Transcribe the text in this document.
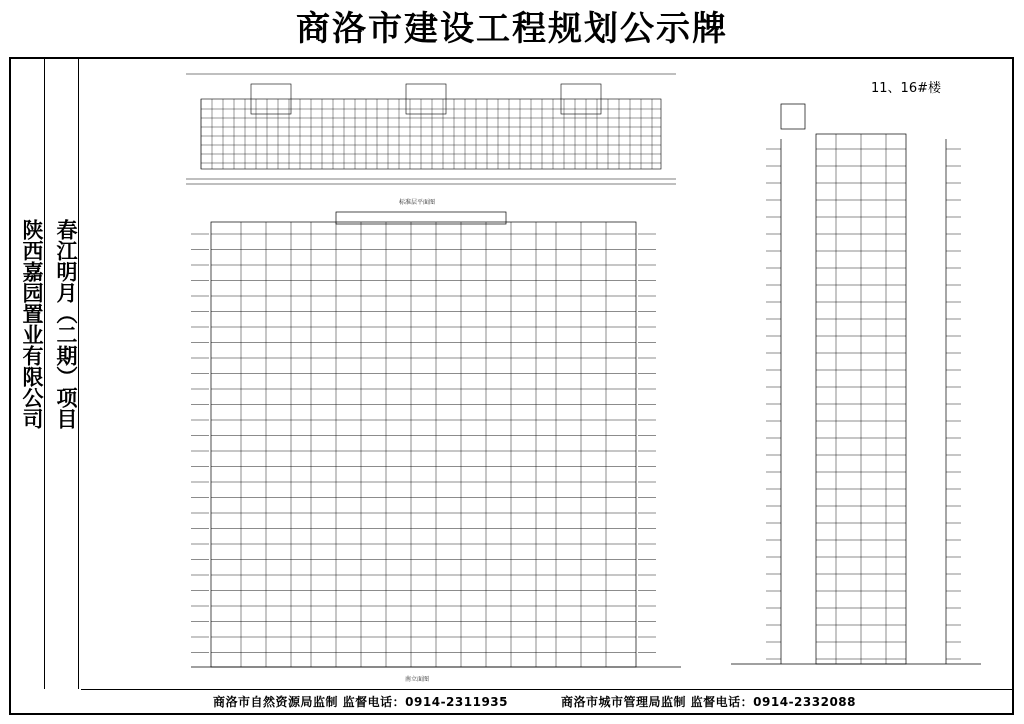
商洛市建设工程规划公示牌
陕西嘉园置业有限公司 春江明月（二期）项目
标准层平面图
南立面图
11、16#楼
商洛市自然资源局监制 监督电话：0914-2311935	商洛市城市管理局监制 监督电话：0914-2332088
